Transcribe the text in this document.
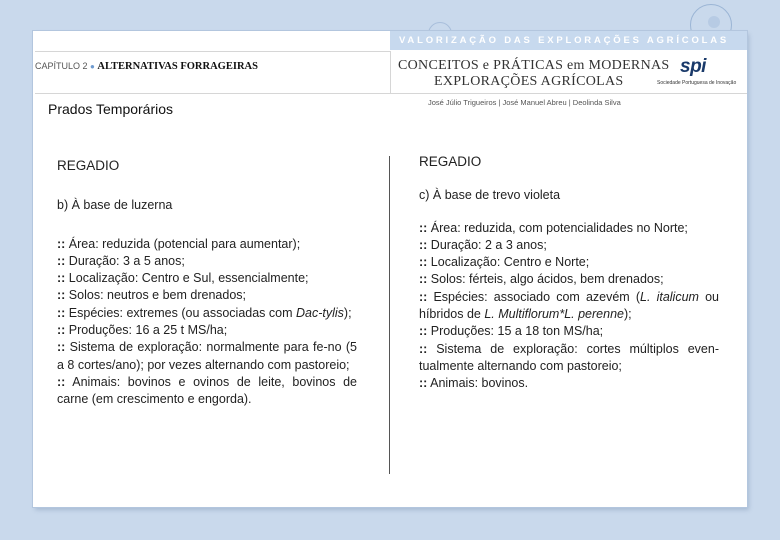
VALORIZAÇÃO DAS EXPLORAÇÕES AGRÍCOLAS
CAPÍTULO 2 ● ALTERNATIVAS FORRAGEIRAS	CONCEITOS e PRÁTICAS em MODERNAS
EXPLORAÇÕES AGRÍCOLAS
spi
Sociedade Portuguesa de Inovação
José Júlio Trigueiros | José Manuel Abreu | Deolinda Silva
Prados Temporários
REGADIO
b) À base de luzerna
:: Área: reduzida (potencial para aumentar);
:: Duração: 3 a 5 anos;
:: Localização: Centro e Sul, essencialmente;
:: Solos: neutros e bem drenados;
:: Espécies: extremes (ou associadas com Dac-tylis);
:: Produções: 16 a 25 t MS/ha;
:: Sistema de exploração: normalmente para fe-no (5 a 8 cortes/ano); por vezes alternando com pastoreio;
:: Animais: bovinos e ovinos de leite, bovinos de carne (em crescimento e engorda).
REGADIO
c) À base de trevo violeta
:: Área: reduzida, com potencialidades no Norte;
:: Duração: 2 a 3 anos;
:: Localização: Centro e Norte;
:: Solos: férteis, algo ácidos, bem drenados;
:: Espécies: associado com azevém (L. italicum ou híbridos de L. Multiflorum*L. perenne);
:: Produções: 15 a 18 ton MS/ha;
:: Sistema de exploração: cortes múltiplos even-tualmente alternando com pastoreio;
:: Animais: bovinos.
